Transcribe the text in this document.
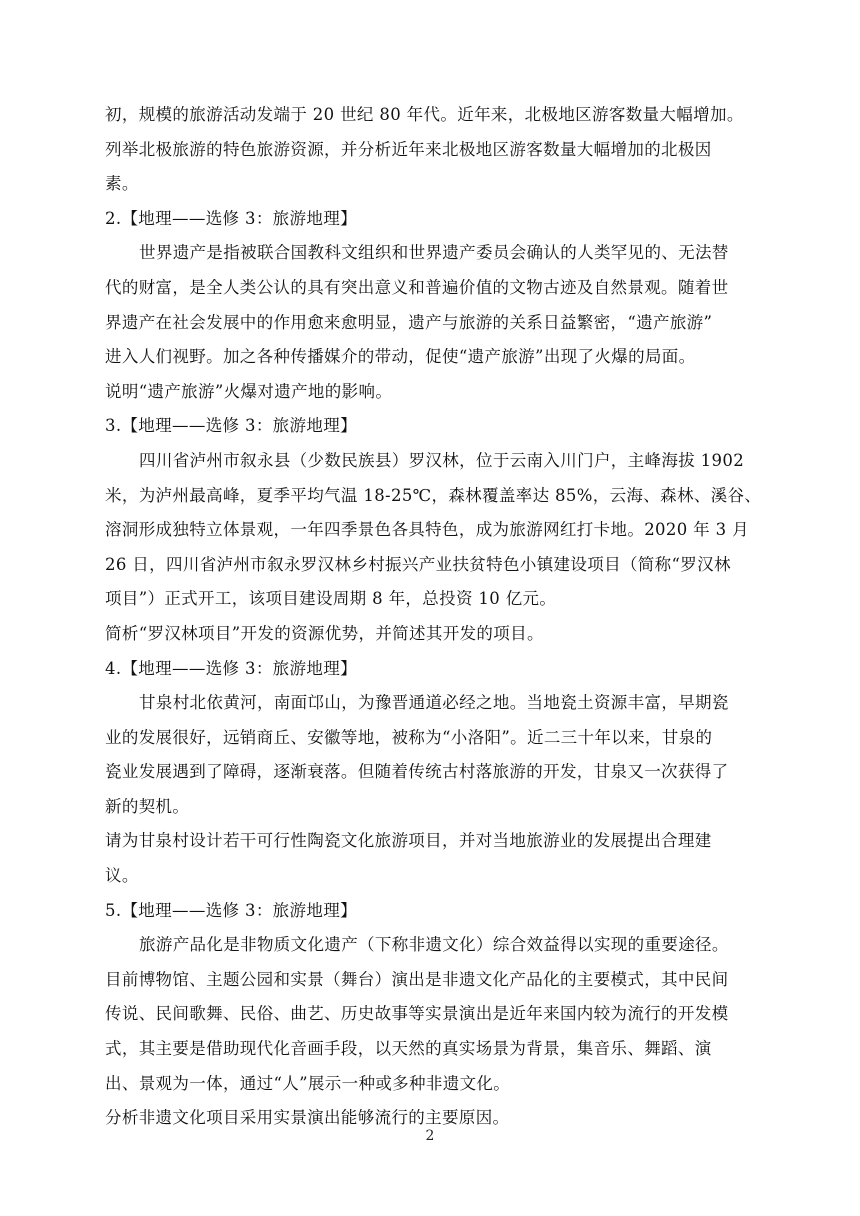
初，规模的旅游活动发端于 20 世纪 80 年代。近年来，北极地区游客数量大幅增加。
列举北极旅游的特色旅游资源，并分析近年来北极地区游客数量大幅增加的北极因
素。
2.【地理——选修 3：旅游地理】
世界遗产是指被联合国教科文组织和世界遗产委员会确认的人类罕见的、无法替
代的财富，是全人类公认的具有突出意义和普遍价值的文物古迹及自然景观。随着世
界遗产在社会发展中的作用愈来愈明显，遗产与旅游的关系日益繁密，“遗产旅游”
进入人们视野。加之各种传播媒介的带动，促使“遗产旅游”出现了火爆的局面。
说明“遗产旅游”火爆对遗产地的影响。
3.【地理——选修 3：旅游地理】
四川省泸州市叙永县（少数民族县）罗汉林，位于云南入川门户，主峰海拔 1902
米，为泸州最高峰，夏季平均气温 18-25℃，森林覆盖率达 85%，云海、森林、溪谷、
溶洞形成独特立体景观，一年四季景色各具特色，成为旅游网红打卡地。2020 年 3 月
26 日，四川省泸州市叙永罗汉林乡村振兴产业扶贫特色小镇建设项目（简称“罗汉林
项目”）正式开工，该项目建设周期 8 年，总投资 10 亿元。
简析“罗汉林项目”开发的资源优势，并简述其开发的项目。
4.【地理——选修 3：旅游地理】
甘泉村北依黄河，南面邙山，为豫晋通道必经之地。当地瓷土资源丰富，早期瓷
业的发展很好，远销商丘、安徽等地，被称为“小洛阳”。近二三十年以来，甘泉的
瓷业发展遇到了障碍，逐渐衰落。但随着传统古村落旅游的开发，甘泉又一次获得了
新的契机。
请为甘泉村设计若干可行性陶瓷文化旅游项目，并对当地旅游业的发展提出合理建
议。
5.【地理——选修 3：旅游地理】
旅游产品化是非物质文化遗产（下称非遗文化）综合效益得以实现的重要途径。
目前博物馆、主题公园和实景（舞台）演出是非遗文化产品化的主要模式，其中民间
传说、民间歌舞、民俗、曲艺、历史故事等实景演出是近年来国内较为流行的开发模
式，其主要是借助现代化音画手段，以天然的真实场景为背景，集音乐、舞蹈、演
出、景观为一体，通过“人”展示一种或多种非遗文化。
分析非遗文化项目采用实景演出能够流行的主要原因。
2
